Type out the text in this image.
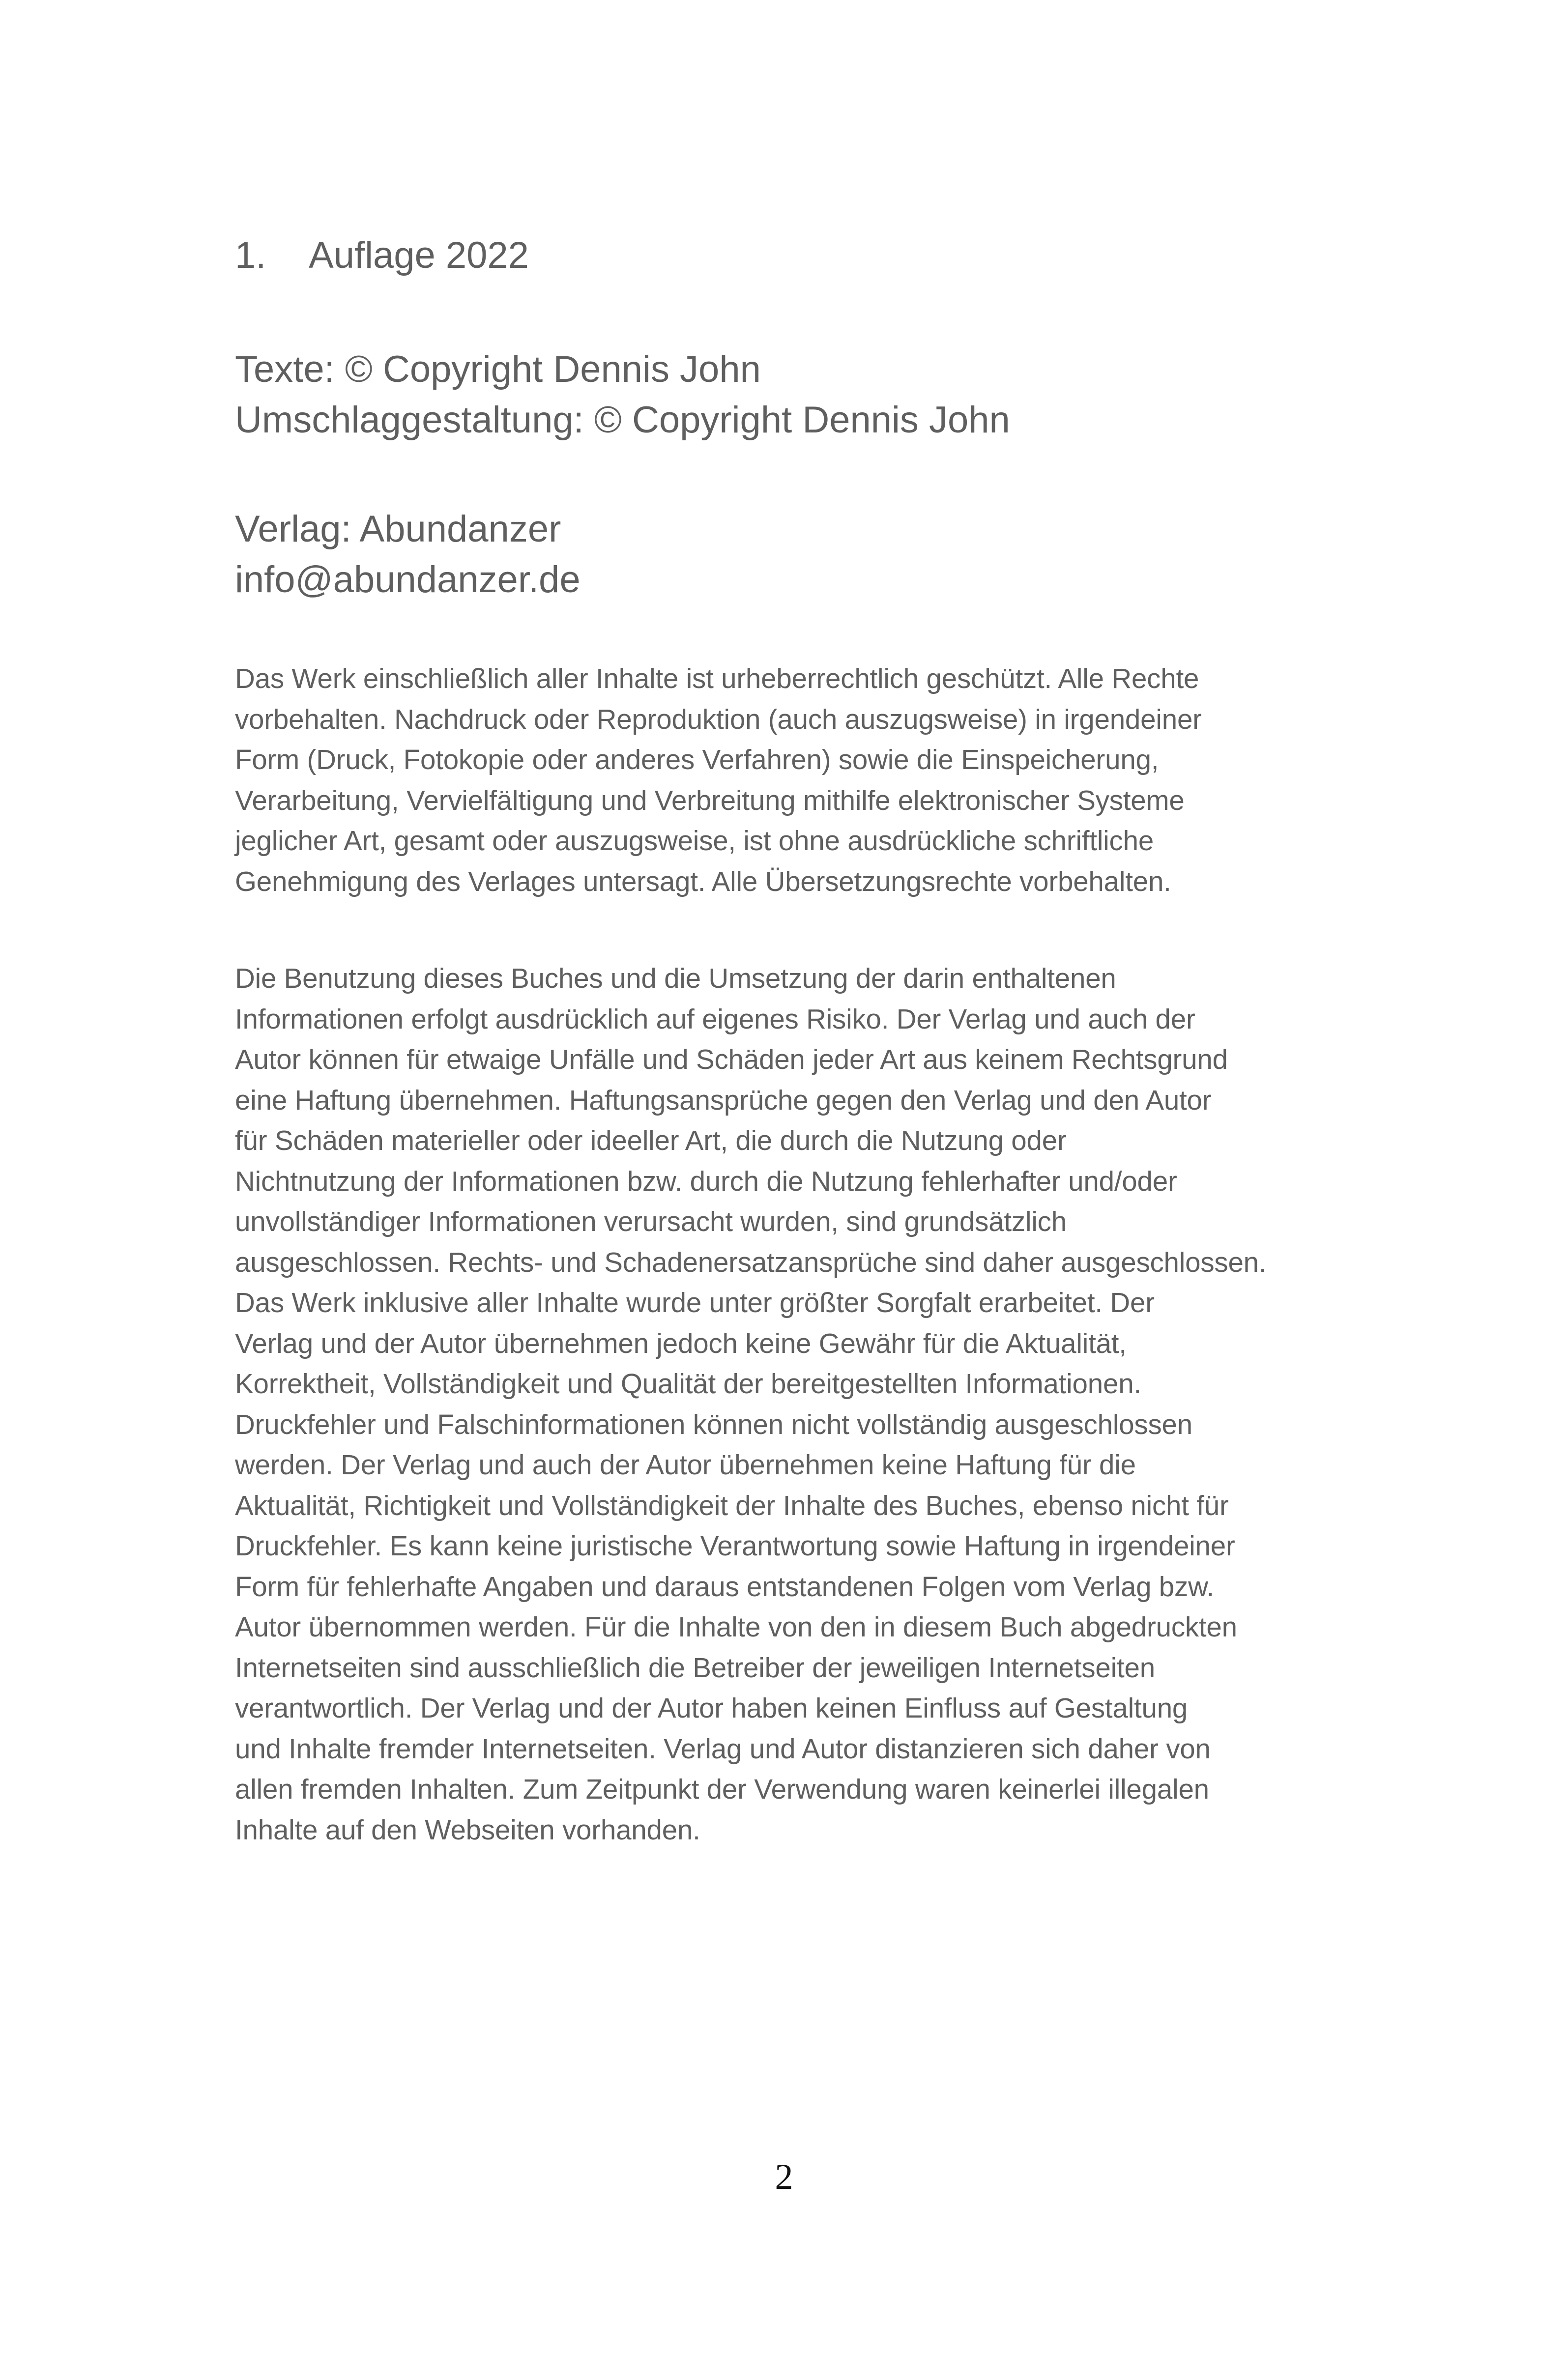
1. Auflage 2022
Texte: © Copyright Dennis John
Umschlaggestaltung: © Copyright Dennis John
Verlag: Abundanzer
info@abundanzer.de
Das Werk einschließlich aller Inhalte ist urheberrechtlich geschützt. Alle Rechte
vorbehalten. Nachdruck oder Reproduktion (auch auszugsweise) in irgendeiner
Form (Druck, Fotokopie oder anderes Verfahren) sowie die Einspeicherung,
Verarbeitung, Vervielfältigung und Verbreitung mithilfe elektronischer Systeme
jeglicher Art, gesamt oder auszugsweise, ist ohne ausdrückliche schriftliche
Genehmigung des Verlages untersagt. Alle Übersetzungsrechte vorbehalten.
Die Benutzung dieses Buches und die Umsetzung der darin enthaltenen
Informationen erfolgt ausdrücklich auf eigenes Risiko. Der Verlag und auch der
Autor können für etwaige Unfälle und Schäden jeder Art aus keinem Rechtsgrund
eine Haftung übernehmen. Haftungsansprüche gegen den Verlag und den Autor
für Schäden materieller oder ideeller Art, die durch die Nutzung oder
Nichtnutzung der Informationen bzw. durch die Nutzung fehlerhafter und/oder
unvollständiger Informationen verursacht wurden, sind grundsätzlich
ausgeschlossen. Rechts- und Schadenersatzansprüche sind daher ausgeschlossen.
Das Werk inklusive aller Inhalte wurde unter größter Sorgfalt erarbeitet. Der
Verlag und der Autor übernehmen jedoch keine Gewähr für die Aktualität,
Korrektheit, Vollständigkeit und Qualität der bereitgestellten Informationen.
Druckfehler und Falschinformationen können nicht vollständig ausgeschlossen
werden. Der Verlag und auch der Autor übernehmen keine Haftung für die
Aktualität, Richtigkeit und Vollständigkeit der Inhalte des Buches, ebenso nicht für
Druckfehler. Es kann keine juristische Verantwortung sowie Haftung in irgendeiner
Form für fehlerhafte Angaben und daraus entstandenen Folgen vom Verlag bzw.
Autor übernommen werden. Für die Inhalte von den in diesem Buch abgedruckten
Internetseiten sind ausschließlich die Betreiber der jeweiligen Internetseiten
verantwortlich. Der Verlag und der Autor haben keinen Einfluss auf Gestaltung
und Inhalte fremder Internetseiten. Verlag und Autor distanzieren sich daher von
allen fremden Inhalten. Zum Zeitpunkt der Verwendung waren keinerlei illegalen
Inhalte auf den Webseiten vorhanden.
2
